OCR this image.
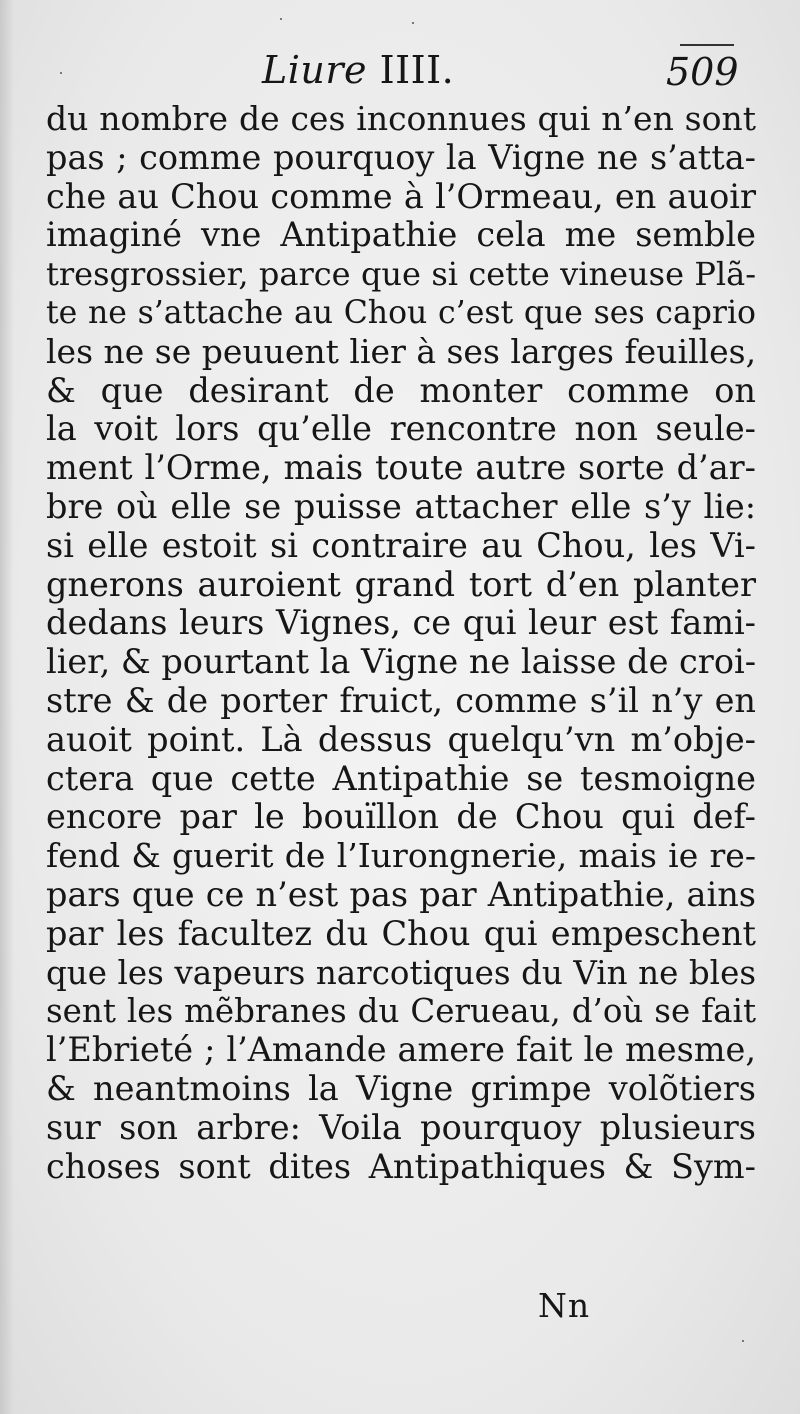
Liure IIII.	509
du nombre de ces inconnues qui n’en sont
pas ; comme pourquoy la Vigne ne s’atta-
che au Chou comme à l’Ormeau, en auoir
imaginé vne Antipathie cela me semble
tresgrossier, parce que si cette vineuse Plã-
te ne s’attache au Chou c’est que ses caprio
les ne se peuuent lier à ses larges feuilles,
& que desirant de monter comme on
la voit lors qu’elle rencontre non seule-
ment l’Orme, mais toute autre sorte d’ar-
bre où elle se puisse attacher elle s’y lie:
si elle estoit si contraire au Chou, les Vi-
gnerons auroient grand tort d’en planter
dedans leurs Vignes, ce qui leur est fami-
lier, & pourtant la Vigne ne laisse de croi-
stre & de porter fruict, comme s’il n’y en
auoit point. Là dessus quelqu’vn m’obje-
ctera que cette Antipathie se tesmoigne
encore par le bouïllon de Chou qui def-
fend & guerit de l’Iurongnerie, mais ie re-
pars que ce n’est pas par Antipathie, ains
par les facultez du Chou qui empeschent
que les vapeurs narcotiques du Vin ne bles
sent les mẽbranes du Cerueau, d’où se fait
l’Ebrieté ; l’Amande amere fait le mesme,
& neantmoins la Vigne grimpe volõtiers
sur son arbre: Voila pourquoy plusieurs
choses sont dites Antipathiques & Sym-
Nn
